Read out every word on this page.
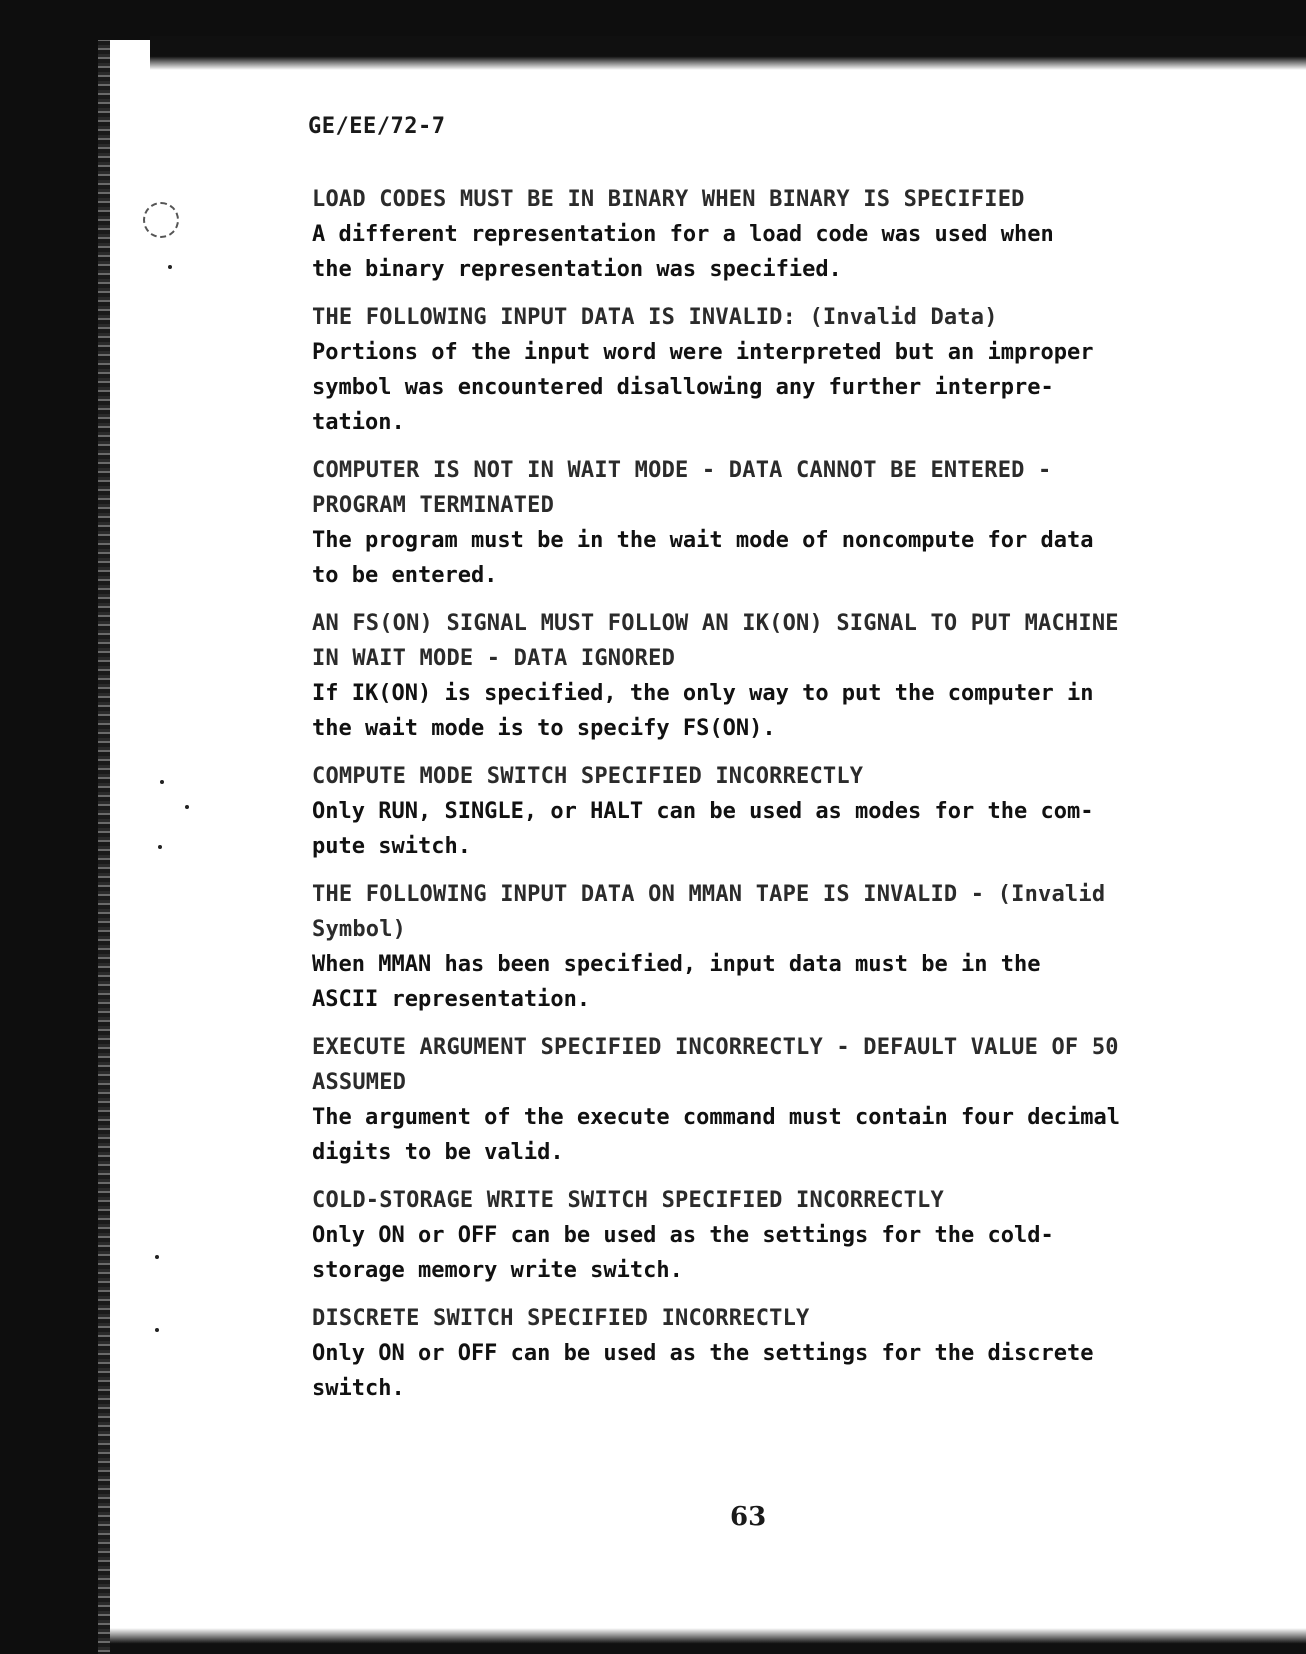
GE/EE/72-7
LOAD CODES MUST BE IN BINARY WHEN BINARY IS SPECIFIED
A different representation for a load code was used when
the binary representation was specified.
THE FOLLOWING INPUT DATA IS INVALID: (Invalid Data)
Portions of the input word were interpreted but an improper
symbol was encountered disallowing any further interpre-
tation.
COMPUTER IS NOT IN WAIT MODE - DATA CANNOT BE ENTERED -
PROGRAM TERMINATED
The program must be in the wait mode of noncompute for data
to be entered.
AN FS(ON) SIGNAL MUST FOLLOW AN IK(ON) SIGNAL TO PUT MACHINE
IN WAIT MODE - DATA IGNORED
If IK(ON) is specified, the only way to put the computer in
the wait mode is to specify FS(ON).
COMPUTE MODE SWITCH SPECIFIED INCORRECTLY
Only RUN, SINGLE, or HALT can be used as modes for the com-
pute switch.
THE FOLLOWING INPUT DATA ON MMAN TAPE IS INVALID - (Invalid
Symbol)
When MMAN has been specified, input data must be in the
ASCII representation.
EXECUTE ARGUMENT SPECIFIED INCORRECTLY - DEFAULT VALUE OF 50
ASSUMED
The argument of the execute command must contain four decimal
digits to be valid.
COLD-STORAGE WRITE SWITCH SPECIFIED INCORRECTLY
Only ON or OFF can be used as the settings for the cold-
storage memory write switch.
DISCRETE SWITCH SPECIFIED INCORRECTLY
Only ON or OFF can be used as the settings for the discrete
switch.
63
